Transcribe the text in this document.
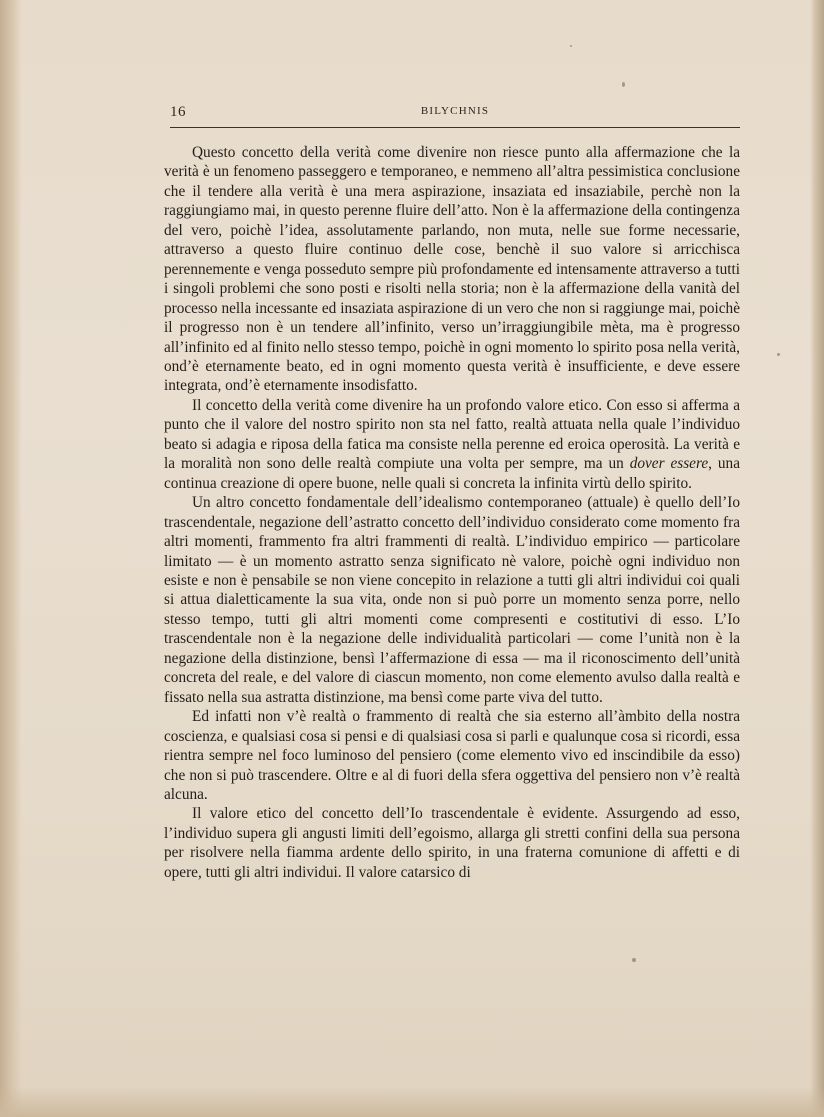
16	BILYCHNIS

Questo concetto della verità come divenire non riesce punto alla affermazione che la verità è un fenomeno passeggero e temporaneo, e nemmeno all’altra pessimistica conclusione che il tendere alla verità è una mera aspirazione, insaziata ed insaziabile, perchè non la raggiungiamo mai, in questo perenne fluire dell’atto. Non è la affermazione della contingenza del vero, poichè l’idea, assolutamente parlando, non muta, nelle sue forme necessarie, attraverso a questo fluire continuo delle cose, benchè il suo valore si arricchisca perennemente e venga posseduto sempre più profondamente ed intensamente attraverso a tutti i singoli problemi che sono posti e risolti nella storia; non è la affermazione della vanità del processo nella incessante ed insaziata aspirazione di un vero che non si raggiunge mai, poichè il progresso non è un tendere all’infinito, verso un’irraggiungibile mèta, ma è progresso all’infinito ed al finito nello stesso tempo, poichè in ogni momento lo spirito posa nella verità, ond’è eternamente beato, ed in ogni momento questa verità è insufficiente, e deve essere integrata, ond’è eternamente insodisfatto.

Il concetto della verità come divenire ha un profondo valore etico. Con esso si afferma a punto che il valore del nostro spirito non sta nel fatto, realtà attuata nella quale l’individuo beato si adagia e riposa della fatica ma consiste nella perenne ed eroica operosità. La verità e la moralità non sono delle realtà compiute una volta per sempre, ma un dover essere, una continua creazione di opere buone, nelle quali si concreta la infinita virtù dello spirito.

Un altro concetto fondamentale dell’idealismo contemporaneo (attuale) è quello dell’Io trascendentale, negazione dell’astratto concetto dell’individuo considerato come momento fra altri momenti, frammento fra altri frammenti di realtà. L’individuo empirico — particolare limitato — è un momento astratto senza significato nè valore, poichè ogni individuo non esiste e non è pensabile se non viene concepito in relazione a tutti gli altri individui coi quali si attua dialetticamente la sua vita, onde non si può porre un momento senza porre, nello stesso tempo, tutti gli altri momenti come compresenti e costitutivi di esso. L’Io trascendentale non è la negazione delle individualità particolari — come l’unità non è la negazione della distinzione, bensì l’affermazione di essa — ma il riconoscimento dell’unità concreta del reale, e del valore di ciascun momento, non come elemento avulso dalla realtà e fissato nella sua astratta distinzione, ma bensì come parte viva del tutto.

Ed infatti non v’è realtà o frammento di realtà che sia esterno all’àmbito della nostra coscienza, e qualsiasi cosa si pensi e di qualsiasi cosa si parli e qualunque cosa si ricordi, essa rientra sempre nel foco luminoso del pensiero (come elemento vivo ed inscindibile da esso) che non si può trascendere. Oltre e al di fuori della sfera oggettiva del pensiero non v’è realtà alcuna.

Il valore etico del concetto dell’Io trascendentale è evidente. Assurgendo ad esso, l’individuo supera gli angusti limiti dell’egoismo, allarga gli stretti confini della sua persona per risolvere nella fiamma ardente dello spirito, in una fraterna comunione di affetti e di opere, tutti gli altri individui. Il valore catarsico di
